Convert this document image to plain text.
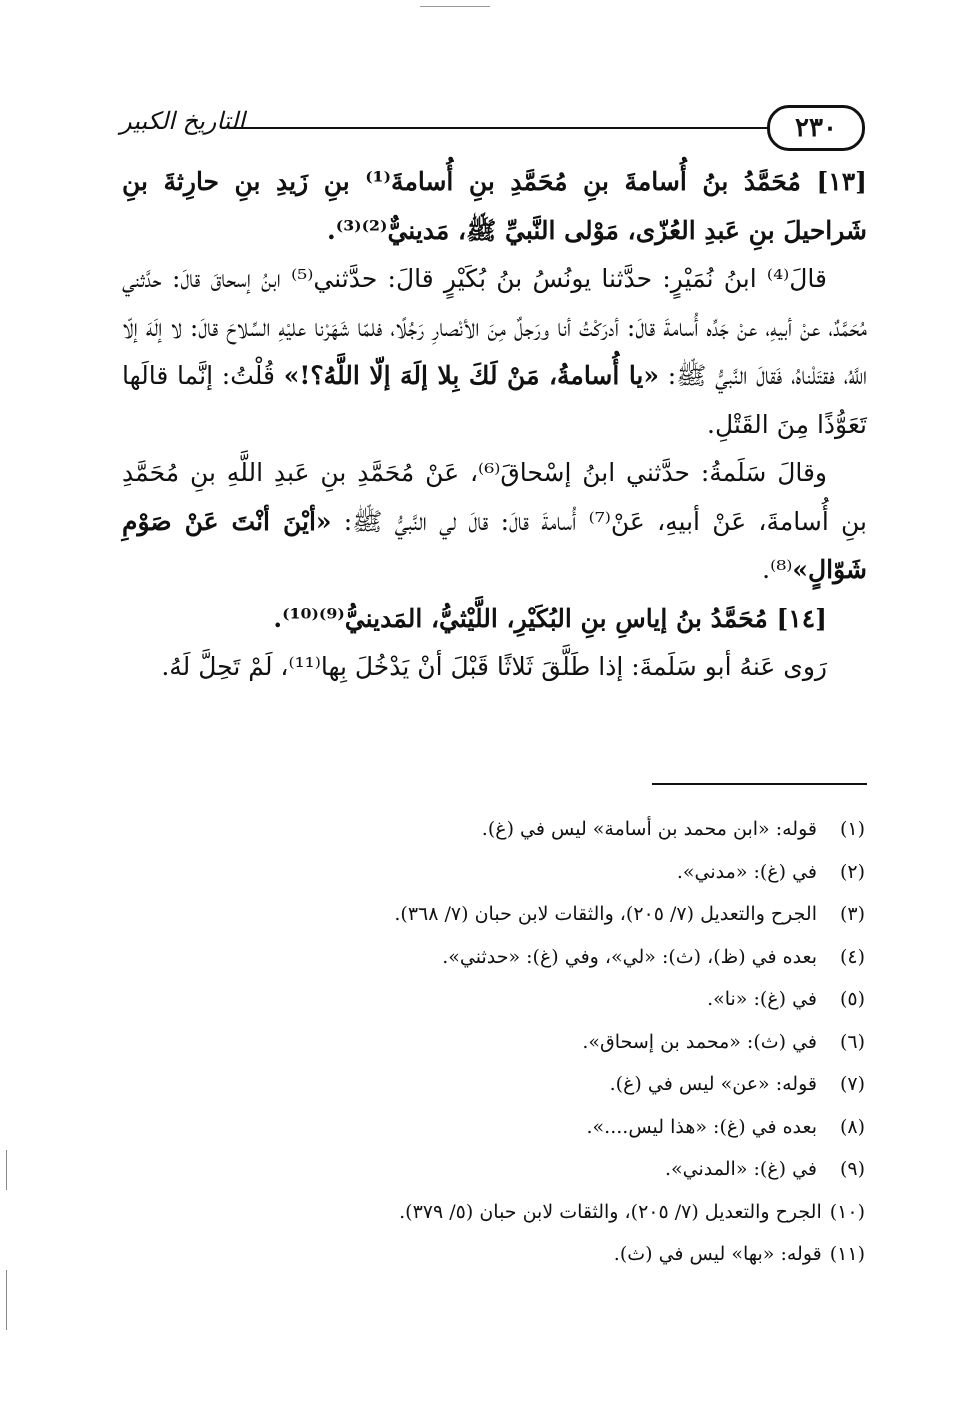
٢٣٠
التاريخ الكبير

[١٣] مُحَمَّدُ بنُ أُسامةَ بنِ مُحَمَّدِ بنِ أُسامةَ⁽¹⁾ بنِ زَيدِ بنِ حارِثةَ بنِ شَراحيلَ بنِ عَبدِ العُزّى، مَوْلى النَّبيِّ ﷺ، مَدينيٌّ⁽²⁾⁽³⁾.

قالَ⁽⁴⁾ ابنُ نُمَيْرٍ: حدَّثنا يونُسُ بنُ بُكَيْرٍ قالَ: حدَّثني⁽⁵⁾ ابنُ إسحاقَ قالَ: حدَّثني مُحَمَّدٌ، عنْ أبيهِ، عنْ جَدِّه أُسامةَ قالَ: أدرَكْتُ أنا ورَجلٌ مِنَ الأنْصارِ رَجُلًا، فلمّا شَهَرْنا عليْهِ السِّلاحَ قالَ: لا إلَهَ إلّا اللَّهُ، فقتَلْناهُ، فَقالَ النَّبيُّ ﷺ: «يا أُسامةُ، مَنْ لَكَ بِلا إلَهَ إلّا اللَّهُ؟!» قُلْتُ: إنَّما قالَها تَعَوُّذًا مِنَ القَتْلِ.

وقالَ سَلَمةُ: حدَّثني ابنُ إسْحاقَ⁽⁶⁾، عَنْ مُحَمَّدِ بنِ عَبدِ اللَّهِ بنِ مُحَمَّدِ بنِ أُسامةَ، عَنْ أبيهِ، عَنْ⁽⁷⁾ أُسامةَ قالَ: قالَ لي النَّبيُّ ﷺ: «أيْنَ أنْتَ عَنْ صَوْمِ شَوّالٍ»⁽⁸⁾.

[١٤] مُحَمَّدُ بنُ إياسِ بنِ البُكَيْرِ، اللَّيْثيُّ، المَدينيُّ⁽⁹⁾⁽¹⁰⁾.

رَوى عَنهُ أبو سَلَمةَ: إذا طَلَّقَ ثَلاثًا قَبْلَ أنْ يَدْخُلَ بِها⁽¹¹⁾، لَمْ تَحِلَّ لَهُ.

(١)قوله: «ابن محمد بن أسامة» ليس في (غ).
(٢)في (غ): «مدني».
(٣)الجرح والتعديل (٧/ ٢٠٥)، والثقات لابن حبان (٧/ ٣٦٨).
(٤)بعده في (ظ)، (ث): «لي»، وفي (غ): «حدثني».
(٥)في (غ): «نا».
(٦)في (ث): «محمد بن إسحاق».
(٧)قوله: «عن» ليس في (غ).
(٨)بعده في (غ): «هذا ليس....».
(٩)في (غ): «المدني».
(١٠)الجرح والتعديل (٧/ ٢٠٥)، والثقات لابن حبان (٥/ ٣٧٩).
(١١)قوله: «بها» ليس في (ث).
